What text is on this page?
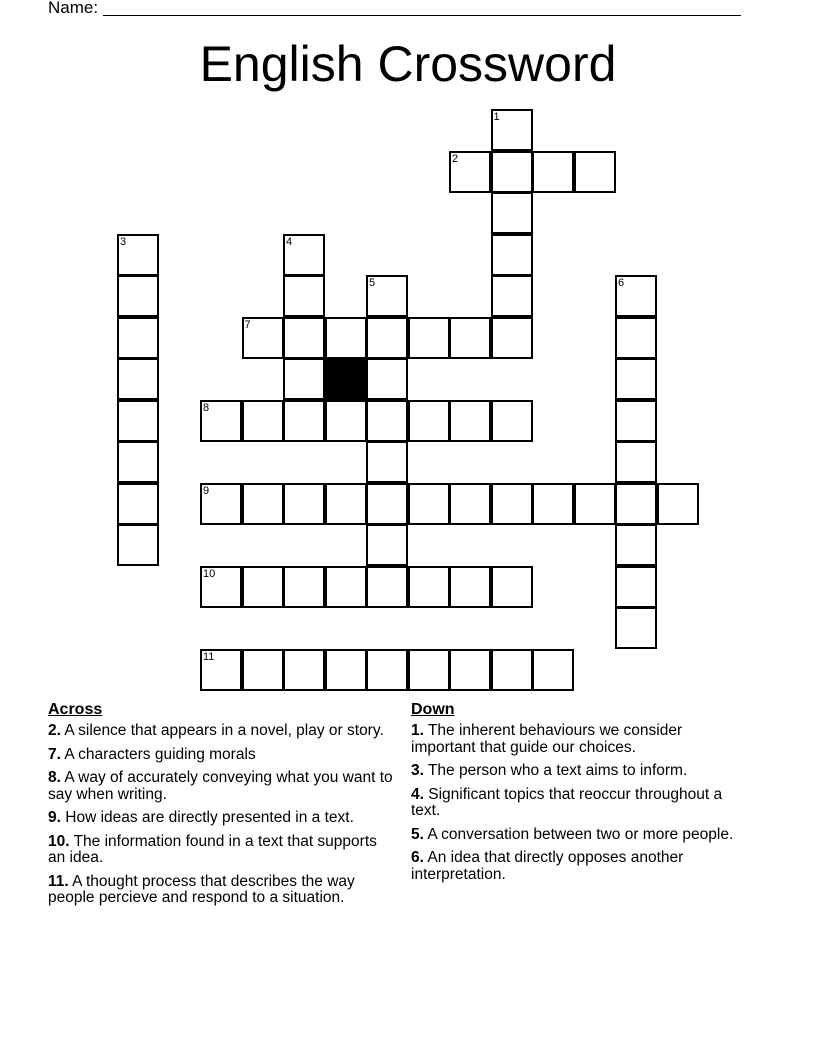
Name:
English Crossword
1
2
3	4
5	6
7
8
9
10
11
Across
2. A silence that appears in a novel, play or story.
7. A characters guiding morals
8. A way of accurately conveying what you want to say when writing.
9. How ideas are directly presented in a text.
10. The information found in a text that supports an idea.
11. A thought process that describes the way people percieve and respond to a situation.
Down
1. The inherent behaviours we consider important that guide our choices.
3. The person who a text aims to inform.
4. Significant topics that reoccur throughout a text.
5. A conversation between two or more people.
6. An idea that directly opposes another interpretation.
